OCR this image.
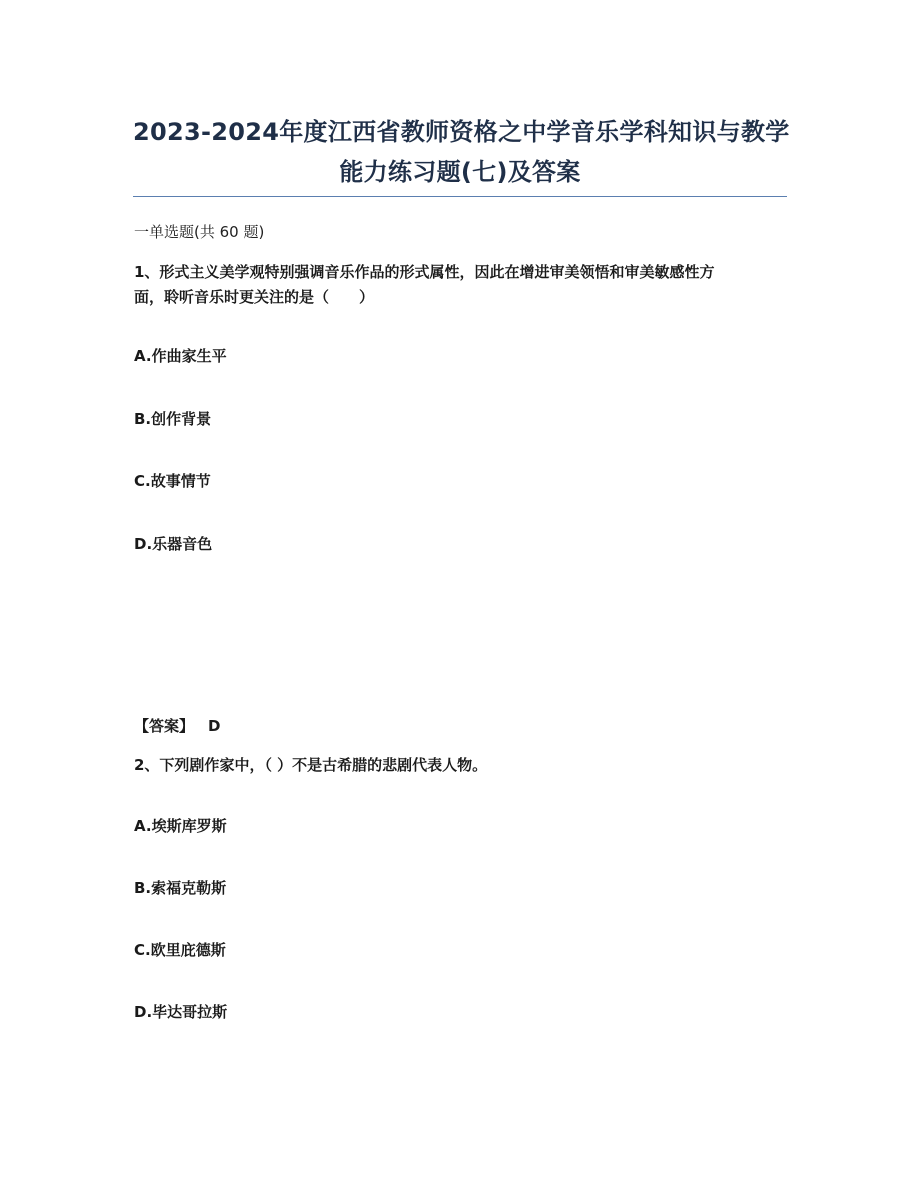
2023-2024年度江西省教师资格之中学音乐学科知识与教学
能力练习题(七)及答案
一单选题(共 60 题)
1、形式主义美学观特别强调音乐作品的形式属性，因此在增进审美领悟和审美敏感性方
面，聆听音乐时更关注的是（　　）
A.作曲家生平
B.创作背景
C.故事情节
D.乐器音色
【答案】 D
2、下列剧作家中，（ ）不是古希腊的悲剧代表人物。
A.埃斯库罗斯
B.索福克勒斯
C.欧里庇德斯
D.毕达哥拉斯
